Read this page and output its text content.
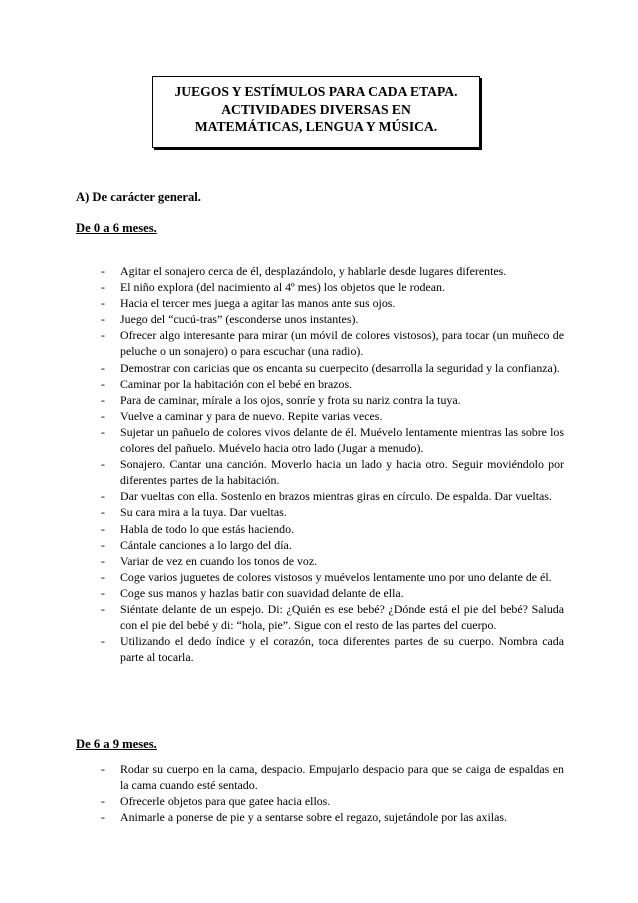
JUEGOS Y ESTÍMULOS PARA CADA ETAPA.
ACTIVIDADES DIVERSAS EN
MATEMÁTICAS, LENGUA Y MÚSICA.
A) De carácter general.
De 0 a 6 meses.
- Agitar el sonajero cerca de él, desplazándolo, y hablarle desde lugares diferentes.
- El niño explora (del nacimiento al 4º mes) los objetos que le rodean.
- Hacia el tercer mes juega a agitar las manos ante sus ojos.
- Juego del “cucú-tras” (esconderse unos instantes).
- Ofrecer algo interesante para mirar (un móvil de colores vistosos), para tocar (un muñeco de peluche o un sonajero) o para escuchar (una radio).
- Demostrar con caricias que os encanta su cuerpecito (desarrolla la seguridad y la confianza).
- Caminar por la habitación con el bebé en brazos.
- Para de caminar, mírale a los ojos, sonríe y frota su nariz contra la tuya.
- Vuelve a caminar y para de nuevo. Repite varias veces.
- Sujetar un pañuelo de colores vivos delante de él. Muévelo lentamente mientras las sobre los colores del pañuelo. Muévelo hacia otro lado (Jugar a menudo).
- Sonajero. Cantar una canción. Moverlo hacia un lado y hacia otro. Seguir moviéndolo por diferentes partes de la habitación.
- Dar vueltas con ella. Sostenlo en brazos mientras giras en círculo. De espalda. Dar vueltas.
- Su cara mira a la tuya. Dar vueltas.
- Habla de todo lo que estás haciendo.
- Cántale canciones a lo largo del día.
- Variar de vez en cuando los tonos de voz.
- Coge varios juguetes de colores vistosos y muévelos lentamente uno por uno delante de él.
- Coge sus manos y hazlas batir con suavidad delante de ella.
- Siéntate delante de un espejo. Di: ¿Quién es ese bebé? ¿Dónde está el pie del bebé? Saluda con el pie del bebé y di: “hola, pie”. Sigue con el resto de las partes del cuerpo.
- Utilizando el dedo índice y el corazón, toca diferentes partes de su cuerpo. Nombra cada parte al tocarla.
De 6 a 9 meses.
- Rodar su cuerpo en la cama, despacio. Empujarlo despacio para que se caiga de espaldas en la cama cuando esté sentado.
- Ofrecerle objetos para que gatee hacia ellos.
- Animarle a ponerse de pie y a sentarse sobre el regazo, sujetándole por las axilas.
